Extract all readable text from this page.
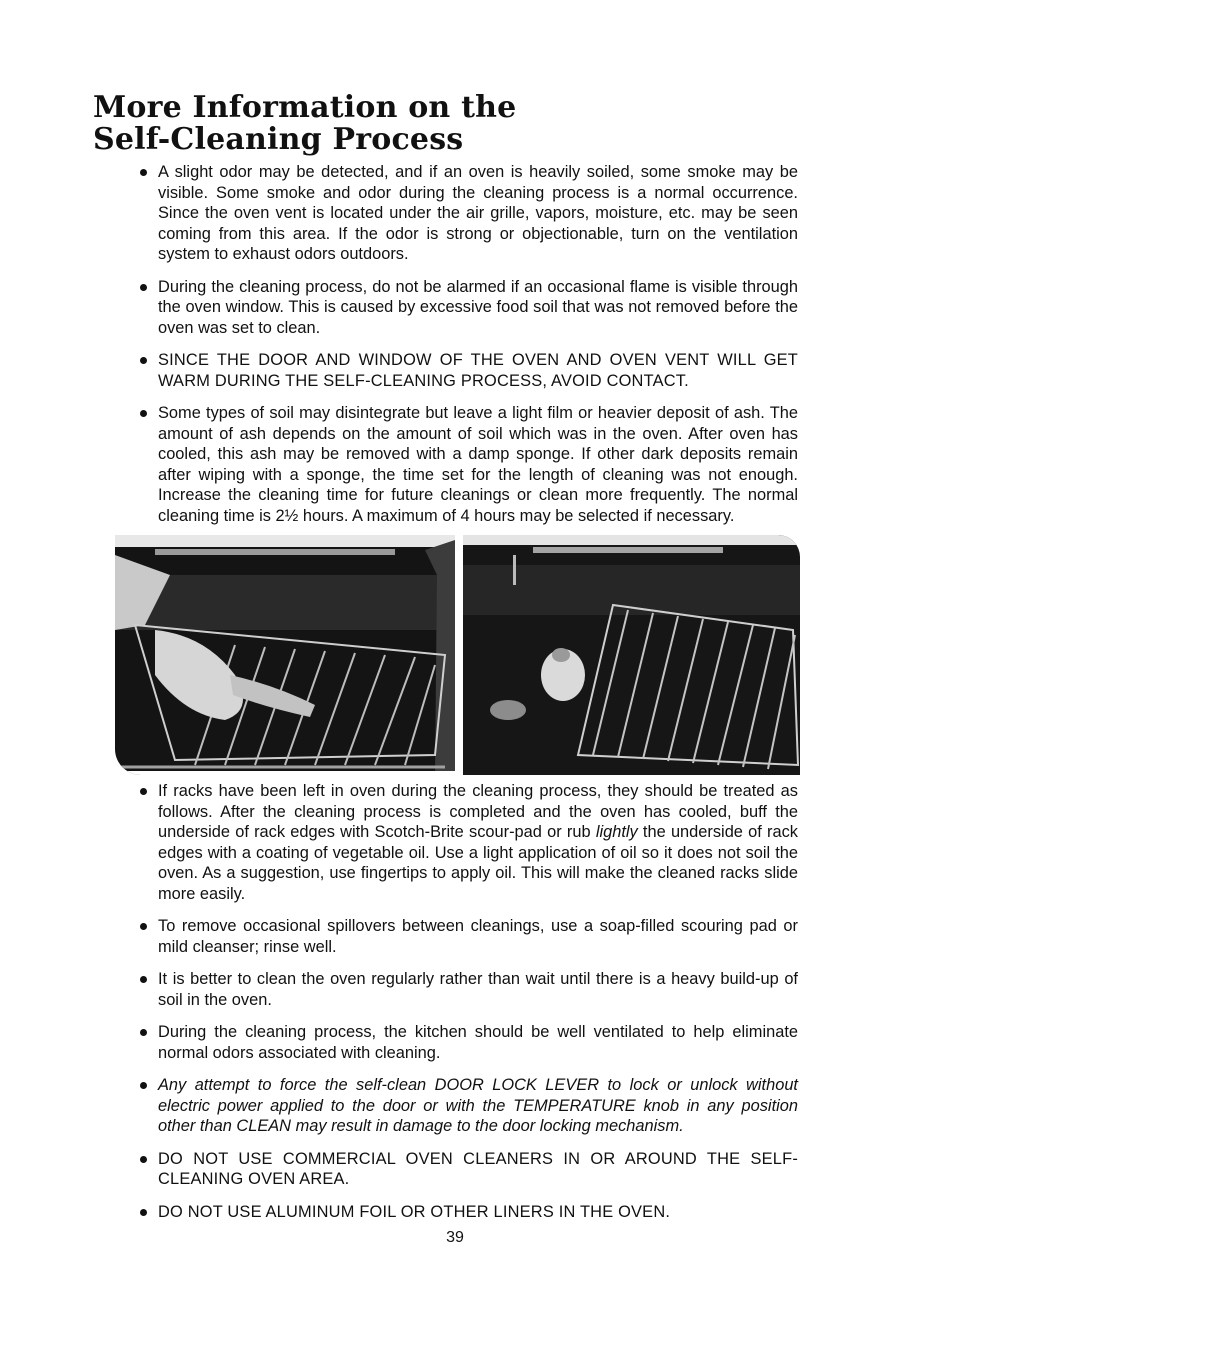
More Information on the
Self-Cleaning Process
A slight odor may be detected, and if an oven is heavily soiled, some smoke may be visible. Some smoke and odor during the cleaning process is a normal occurrence. Since the oven vent is located under the air grille, vapors, moisture, etc. may be seen coming from this area. If the odor is strong or objectionable, turn on the ventilation system to exhaust odors outdoors.
During the cleaning process, do not be alarmed if an occasional flame is visible through the oven window. This is caused by excessive food soil that was not removed before the oven was set to clean.
SINCE THE DOOR AND WINDOW OF THE OVEN AND OVEN VENT WILL GET WARM DURING THE SELF-CLEANING PROCESS, AVOID CONTACT.
Some types of soil may disintegrate but leave a light film or heavier deposit of ash. The amount of ash depends on the amount of soil which was in the oven. After oven has cooled, this ash may be removed with a damp sponge. If other dark deposits remain after wiping with a sponge, the time set for the length of cleaning was not enough. Increase the cleaning time for future cleanings or clean more frequently. The normal cleaning time is 2½ hours. A maximum of 4 hours may be selected if necessary.
If racks have been left in oven during the cleaning process, they should be treated as follows. After the cleaning process is completed and the oven has cooled, buff the underside of rack edges with Scotch-Brite scour-pad or rub lightly the underside of rack edges with a coating of vegetable oil. Use a light application of oil so it does not soil the oven. As a suggestion, use fingertips to apply oil. This will make the cleaned racks slide more easily.
To remove occasional spillovers between cleanings, use a soap-filled scouring pad or mild cleanser; rinse well.
It is better to clean the oven regularly rather than wait until there is a heavy build-up of soil in the oven.
During the cleaning process, the kitchen should be well ventilated to help eliminate normal odors associated with cleaning.
Any attempt to force the self-clean DOOR LOCK LEVER to lock or unlock without electric power applied to the door or with the TEMPERATURE knob in any position other than CLEAN may result in damage to the door locking mechanism.
DO NOT USE COMMERCIAL OVEN CLEANERS IN OR AROUND THE SELF-CLEANING OVEN AREA.
DO NOT USE ALUMINUM FOIL OR OTHER LINERS IN THE OVEN.
39
